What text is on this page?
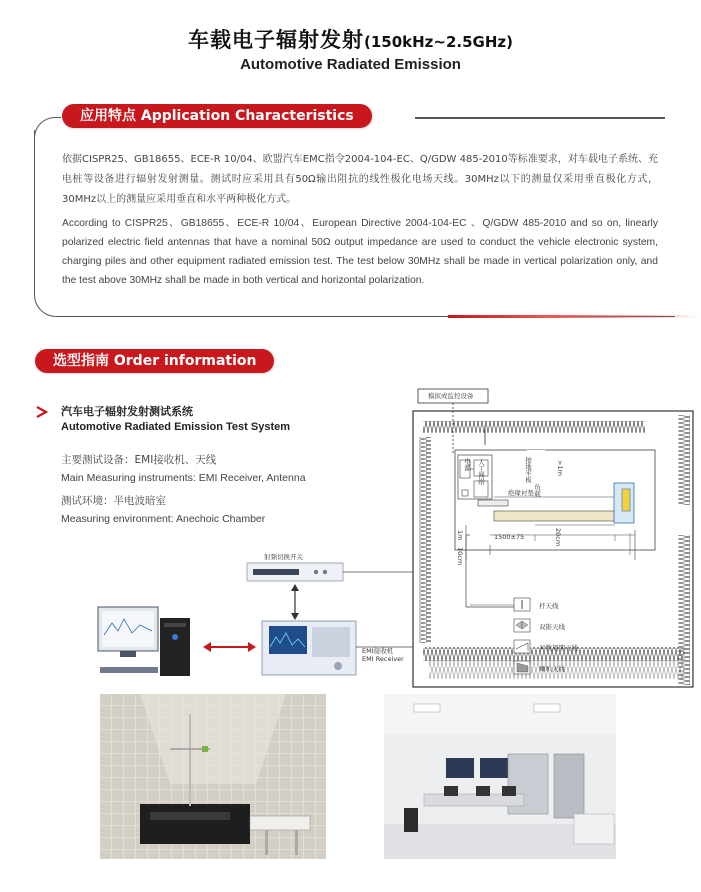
车载电子辐射发射(150kHz~2.5GHz)
Automotive Radiated Emission
应用特点 Application Characteristics
依据CISPR25、GB18655、ECE-R 10/04、欧盟汽车EMC指令2004-104-EC、Q/GDW 485-2010等标准要求，对车载电子系统、充电桩等设备进行辐射发射测量。测试时应采用具有50Ω输出阻抗的线性极化电场天线。30MHz以下的测量仅采用垂直极化方式，30MHz以上的测量应采用垂直和水平两种极化方式。
According to CISPR25、GB18655、ECE-R 10/04、European Directive 2004-104-EC 、Q/GDW 485-2010 and so on, linearly polarized electric field antennas that have a nominal 50Ω output impedance are used to conduct the vehicle electronic system, charging piles and other equipment radiated emission test. The test below 30MHz shall be made in vertical polarization only, and the test above 30MHz shall be made in both vertical and horizontal polarization.
选型指南 Order information
汽车电子辐射发射测试系统
Automotive Radiated Emission Test System
主要测试设备：EMI接收机、天线
Main Measuring instruments: EMI Receiver, Antenna
测试环境：半电波暗室
Measuring environment: Anechoic Chamber
模拟或监控设备
射频切换开关
EMI接收机
EMI Receiver
绝缘衬垫
1500±75
1m
10cm
20cm
>1m
接地平板
电源
负载
人工网络
杆天线
双锥天线
对数周期天线
喇叭天线
